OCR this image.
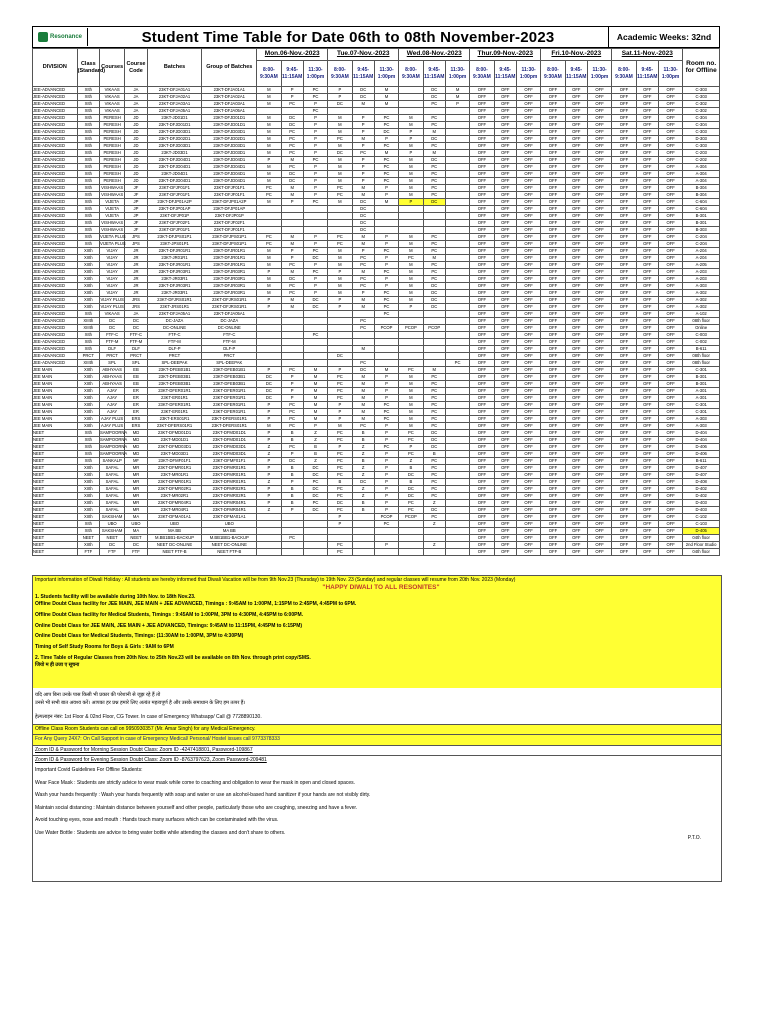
Resonance	Student Time Table for Date 06th to 08th November-2023	Academic Weeks: 32nd
DIVISION	Class (Standard)	Courses	Course Code	Batches	Group of Batches	Mon.06-Nov.-2023			Tue.07-Nov.-2023			Wed.08-Nov.-2023			Thur.09-Nov.-2023			Fri.10-Nov.-2023			Sat.11-Nov.-2023			Room no. for Offline
						8:00-9:30AM	9:45-11:15AM	11:30-1:00pm	8:00-9:30AM	9:45-11:15AM	11:30-1:00pm	8:00-9:30AM	9:45-11:15AM	11:30-1:00pm	8:00-9:30AM	9:45-11:15AM	11:30-1:00pm	8:00-9:30AM	9:45-11:15AM	11:30-1:00pm	8:00-9:30AM	9:45-11:15AM	11:30-1:00pm	
JEE-ADVANCED	XIth	VIKAAS	JA	23KT-DFJA01A1	23KT-DFJA01A1	M	P	PC	P	DC	M		DC	M	OFF	OFF	OFF	OFF	OFF	OFF	OFF	OFF	OFF	C-303
JEE-ADVANCED	XIth	VIKAAS	JA	23KT-DFJA02A1	23KT-DFJA02A1	M	P	PC	P	DC	M		DC	M	OFF	OFF	OFF	OFF	OFF	OFF	OFF	OFF	OFF	C-303
JEE-ADVANCED	XIth	VIKAAS	JA	23KT-DFJA03A1	23KT-DFJA03A1	M	PC	P	DC	M	M		PC	P	OFF	OFF	OFF	OFF	OFF	OFF	OFF	OFF	OFF	C-302
JEE-ADVANCED	XIth	VIKAAS	JA	23KT-DFJA05A1	23KT-DFJA05A1			PC							OFF	OFF	OFF	OFF	OFF	OFF	OFF	OFF	OFF	C-302
JEE-ADVANCED	XIth	PERESH	JD	23KT-JD01D1	23KT-DFJD01D1	M	DC	P	M	P	PC	M	PC		OFF	OFF	OFF	OFF	OFF	OFF	OFF	OFF	OFF	C-304
JEE-ADVANCED	XIth	PERESH	JD	23KT-DFJD01D1	23KT-DFJD01D1	M	DC	P	M	P	PC	M	PC		OFF	OFF	OFF	OFF	OFF	OFF	OFF	OFF	OFF	C-304
JEE-ADVANCED	XIth	PERESH	JD	23KT-DFJD03D1	23KT-DFJD03D1	M	PC	P	M	P	DC	P	M		OFF	OFF	OFF	OFF	OFF	OFF	OFF	OFF	OFF	C-303
JEE-ADVANCED	XIth	PERESH	JD	23KT-DFJD02D1	23KT-DFJD02D1	M	PC	P	PC	M	P	P	DC		OFF	OFF	OFF	OFF	OFF	OFF	OFF	OFF	OFF	D-303
JEE-ADVANCED	XIth	PERESH	JD	23KT-DFJD03D1	23KT-DFJD03D1	M	PC	P	M	P	PC	M	PC		OFF	OFF	OFF	OFF	OFF	OFF	OFF	OFF	OFF	C-303
JEE-ADVANCED	XIth	PERESH	JD	23KT-JD03D1	23KT-DFJD03D1	M	PC	P	DC	PC	M	P	M		OFF	OFF	OFF	OFF	OFF	OFF	OFF	OFF	OFF	C-203
JEE-ADVANCED	XIth	PERESH	JD	23KT-DFJD04D1	23KT-DFJD04D1	P	M	PC	M	P	PC	M	DC		OFF	OFF	OFF	OFF	OFF	OFF	OFF	OFF	OFF	C-202
JEE-ADVANCED	XIth	PERESH	JD	23KT-DFJD04D1	23KT-DFJD04D1	M	PC	P	M	P	PC	M	PC		OFF	OFF	OFF	OFF	OFF	OFF	OFF	OFF	OFF	A-304
JEE-ADVANCED	XIth	PERESH	JD	23KT-JD04D1	23KT-DFJD04D1	M	DC	P	M	P	PC	M	PC		OFF	OFF	OFF	OFF	OFF	OFF	OFF	OFF	OFF	A-304
JEE-ADVANCED	XIth	PERESH	JD	23KT-DFJD04D1	23KT-DFJD04D1	M	DC	P	M	P	PC	M	PC		OFF	OFF	OFF	OFF	OFF	OFF	OFF	OFF	OFF	A-304
JEE-ADVANCED	XIth	VISHWAAS	JF	23KT-DFJF01F1	23KT-DFJF01F1	PC	M	P	PC	M	P	M	PC		OFF	OFF	OFF	OFF	OFF	OFF	OFF	OFF	OFF	B-304
JEE-ADVANCED	XIth	VISHWAAS	JF	23KT-DFJF01F1	23KT-DFJF01F1	PC	M	P	PC	M	P	M	PC		OFF	OFF	OFF	OFF	OFF	OFF	OFF	OFF	OFF	B-304
JEE-ADVANCED	XIth	VIJETA	JP	23KT-DFJP01A2P	23KT-DFJP01A2P	M	P	PC	M	DC	M	P	DC		OFF	OFF	OFF	OFF	OFF	OFF	OFF	OFF	OFF	C-604
JEE-ADVANCED	XIth	VIJETA	JP	23KT-DFJP01AP	23KT-DFJP01AP					DC					OFF	OFF	OFF	OFF	OFF	OFF	OFF	OFF	OFF	C-604
JEE-ADVANCED	XIth	VIJETA	JP	23KT-DFJP01P	23KT-DFJP01P					DC					OFF	OFF	OFF	OFF	OFF	OFF	OFF	OFF	OFF	B-301
JEE-ADVANCED	XIth	VISHWAAS	JF	23KT-DFJF02F1	23KT-DFJF02F1					DC					OFF	OFF	OFF	OFF	OFF	OFF	OFF	OFF	OFF	B-301
JEE-ADVANCED	XIth	VISHWAAS	JF	23KT-DFJF01F1	23KT-DFJF01F1					DC					OFF	OFF	OFF	OFF	OFF	OFF	OFF	OFF	OFF	B-303
JEE-ADVANCED	XIth	VIJETA PLUS	JPS	23KT-DFJPS01P1	23KT-DFJPS01P1	PC	M	P	PC	M	P	M	PC		OFF	OFF	OFF	OFF	OFF	OFF	OFF	OFF	OFF	C-204
JEE-ADVANCED	XIth	VIJETA PLUS	JPS	23KT-JPS01P1	23KT-DFJPS01P1	PC	M	P	PC	M	P	M	PC		OFF	OFF	OFF	OFF	OFF	OFF	OFF	OFF	OFF	C-204
JEE-ADVANCED	XIIth	VIJAY	JR	23KT-DFJR01R1	23KT-DFJR01R1	M	P	PC	M	P	PC	M	PC		OFF	OFF	OFF	OFF	OFF	OFF	OFF	OFF	OFF	A-204
JEE-ADVANCED	XIIth	VIJAY	JR	23KT-JR01R1	23KT-DFJR01R1	M	P	DC	M	PC	P	PC	M		OFF	OFF	OFF	OFF	OFF	OFF	OFF	OFF	OFF	A-204
JEE-ADVANCED	XIIth	VIJAY	JR	23KT-DFJR01R1	23KT-DFJR01R1	M	PC	P	M	PC	P	M	PC		OFF	OFF	OFF	OFF	OFF	OFF	OFF	OFF	OFF	A-205
JEE-ADVANCED	XIIth	VIJAY	JR	23KT-DFJR03R1	23KT-DFJR03R1	P	M	PC	P	M	PC	M	PC		OFF	OFF	OFF	OFF	OFF	OFF	OFF	OFF	OFF	A-203
JEE-ADVANCED	XIIth	VIJAY	JR	23KT-JR03R1	23KT-DFJR03R1	M	DC	P	M	PC	P	M	PC		OFF	OFF	OFF	OFF	OFF	OFF	OFF	OFF	OFF	A-203
JEE-ADVANCED	XIIth	VIJAY	JR	23KT-DFJR03R1	23KT-DFJR03R1	M	PC	P	M	PC	P	M	DC		OFF	OFF	OFF	OFF	OFF	OFF	OFF	OFF	OFF	A-303
JEE-ADVANCED	XIIth	VIJAY	JR	23KT-JR03R1	23KT-DFJR03R1	M	PC	P	M	P	PC	M	DC		OFF	OFF	OFF	OFF	OFF	OFF	OFF	OFF	OFF	A-302
JEE-ADVANCED	XIIth	VIJAY PLUS	JRS	23KT-DFJRS01R1	23KT-DFJRS01R1	P	M	DC	P	M	PC	M	DC		OFF	OFF	OFF	OFF	OFF	OFF	OFF	OFF	OFF	A-302
JEE-ADVANCED	XIIth	VIJAY PLUS	JRS	23KT-JRS01R1	23KT-DFJRS01R1	P	M	DC	P	M	PC	P	DC		OFF	OFF	OFF	OFF	OFF	OFF	OFF	OFF	OFF	A-302
JEE-ADVANCED	XIth	VIKAAS	JA	23KT-DFJA05A1	23KT-DFJA05A1						PC				OFF	OFF	OFF	OFF	OFF	OFF	OFF	OFF	OFF	A-102
JEE-ADVANCED	XIIIth	DC	DC	DC-JAZA	DC-JAZA					PC					OFF	OFF	OFF	OFF	OFF	OFF	OFF	OFF	OFF	08th floor
JEE-ADVANCED	XIIIth	DC	DC	DC-ONLINE	DC-ONLINE					PC	PCOP	PCOP	PCOP		OFF	OFF	OFF	OFF	OFF	OFF	OFF	OFF	OFF	Online
JEE-ADVANCED	XIth	FTF-C	FTF-C	FTF-C	FTF-C			PC							OFF	OFF	OFF	OFF	OFF	OFF	OFF	OFF	OFF	C-003
JEE-ADVANCED	XIth	FTF-M	FTF-M	FTF-M	FTF-M										OFF	OFF	OFF	OFF	OFF	OFF	OFF	OFF	OFF	C-002
JEE-ADVANCED	XIth	DLF	DLF	DLF-P	DLF-P					M					OFF	OFF	OFF	OFF	OFF	OFF	OFF	OFF	OFF	B-611
JEE-ADVANCED	PRCT	PRCT	PRCT	PRCT	PRCT				DC						OFF	OFF	OFF	OFF	OFF	OFF	OFF	OFF	OFF	08th floor
JEE-ADVANCED	XIIIth	SPL	SPL	SPL-DEEPAK	SPL-DEEPAK					PC				PC	OFF	OFF	OFF	OFF	OFF	OFF	OFF	OFF	OFF	08th floor
JEE MAIN	XIIth	ABHYAAS	EB	23KT-DFEB01B1	23KT-DFEB01B1	P	PC	M	P	DC	M	PC	M		OFF	OFF	OFF	OFF	OFF	OFF	OFF	OFF	OFF	C-301
JEE MAIN	XIIth	ABHYAAS	EB	23KT-DFEB03B1	23KT-DFEB03B1	DC	P	M	PC	M	P	M	PC		OFF	OFF	OFF	OFF	OFF	OFF	OFF	OFF	OFF	B-301
JEE MAIN	XIIth	ABHYAAS	EB	23KT-DFEB03B1	23KT-DFEB03B1	DC	P	M	PC	M	P	M	PC		OFF	OFF	OFF	OFF	OFF	OFF	OFF	OFF	OFF	B-301
JEE MAIN	XIIth	AJAY	ER	23KT-DFER01R1	23KT-DFER01R1	DC	P	M	PC	M	P	M	PC		OFF	OFF	OFF	OFF	OFF	OFF	OFF	OFF	OFF	A-301
JEE MAIN	XIIth	AJAY	ER	23KT-ER01R1	23KT-DFER01R1	DC	P	M	PC	M	P	M	PC		OFF	OFF	OFF	OFF	OFF	OFF	OFF	OFF	OFF	A-301
JEE MAIN	XIIth	AJAY	ER	23KT-DFER01R1	23KT-DFER01R1	P	PC	M	P	M	PC	M	PC		OFF	OFF	OFF	OFF	OFF	OFF	OFF	OFF	OFF	C-301
JEE MAIN	XIIth	AJAY	ER	23KT-ER01R1	23KT-DFER01R1	P	PC	M	P	M	PC	M	PC		OFF	OFF	OFF	OFF	OFF	OFF	OFF	OFF	OFF	C-301
JEE MAIN	XIIth	AJAY PLUS	ERS	23KT-ERS01R1	23KT-DFERS01R1	P	PC	M	P	M	PC	M	PC		OFF	OFF	OFF	OFF	OFF	OFF	OFF	OFF	OFF	A-303
JEE MAIN	XIIth	AJAY PLUS	ERS	23KT-DFERS01R1	23KT-DFERS01R1	M	PC	P	M	PC	P	M	PC		OFF	OFF	OFF	OFF	OFF	OFF	OFF	OFF	OFF	A-303
NEET	XIth	SAMPOORNA	MD	23KT-DFMD01D1	23KT-DFMD01D1	P	B	Z	PC	B	P	PC	DC		OFF	OFF	OFF	OFF	OFF	OFF	OFF	OFF	OFF	D-404
NEET	XIth	SAMPOORNA	MD	23KT-MD01D1	23KT-DFMD01D1	P	B	Z	PC	B	P	PC	DC		OFF	OFF	OFF	OFF	OFF	OFF	OFF	OFF	OFF	D-404
NEET	XIth	SAMPOORNA	MD	23KT-DFMD03D1	23KT-DFMD03D1	Z	PC	B	P	Z	PC	P	DC		OFF	OFF	OFF	OFF	OFF	OFF	OFF	OFF	OFF	D-406
NEET	XIth	SAMPOORNA	MD	23KT-MD03D1	23KT-DFMD03D1	Z	P	B	PC	Z	P	PC	B		OFF	OFF	OFF	OFF	OFF	OFF	OFF	OFF	OFF	D-406
NEET	XIth	SANKALP	MF	23KT-DFMF01F1	23KT-DFMF01F1	P	DC	Z	PC	B	P	Z	PC		OFF	OFF	OFF	OFF	OFF	OFF	OFF	OFF	OFF	B-611
NEET	XIIth	SAFAL	MR	23KT-DFMR01R1	23KT-DFMR01R1	P	B	DC	PC	Z	P	B	PC		OFF	OFF	OFF	OFF	OFF	OFF	OFF	OFF	OFF	D-407
NEET	XIIth	SAFAL	MR	23KT-MR01R1	23KT-DFMR01R1	P	B	DC	PC	Z	P	DC	PC		OFF	OFF	OFF	OFF	OFF	OFF	OFF	OFF	OFF	D-407
NEET	XIIth	SAFAL	MR	23KT-DFMR01R1	23KT-DFMR01R1	Z	P	PC	B	DC	P	B	PC		OFF	OFF	OFF	OFF	OFF	OFF	OFF	OFF	OFF	D-408
NEET	XIIth	SAFAL	MR	23KT-DFMR02R1	23KT-DFMR02R1	P	B	DC	PC	Z	P	DC	PC		OFF	OFF	OFF	OFF	OFF	OFF	OFF	OFF	OFF	D-402
NEET	XIIth	SAFAL	MR	23KT-MR02R1	23KT-DFMR02R1	P	B	DC	PC	Z	P	DC	PC		OFF	OFF	OFF	OFF	OFF	OFF	OFF	OFF	OFF	D-402
NEET	XIIth	SAFAL	MR	23KT-DFMR04R1	23KT-DFMR04R1	P	B	PC	DC	B	P	PC	Z		OFF	OFF	OFF	OFF	OFF	OFF	OFF	OFF	OFF	D-403
NEET	XIIth	SAFAL	MR	23KT-MR04R1	23KT-DFMR04R1	Z	P	DC	PC	B	P	PC	DC		OFF	OFF	OFF	OFF	OFF	OFF	OFF	OFF	OFF	D-403
NEET	XIIth	SAKSHAM	MA	23KT-DFMA01A1	23KT-DFMA01A1				P		PCOP	PCOP	PC		OFF	OFF	OFF	OFF	OFF	OFF	OFF	OFF	OFF	C-102
NEET	XIth	UBO	UBO	UBO	UBO				P		PC		Z		OFF	OFF	OFF	OFF	OFF	OFF	OFF	OFF	OFF	C-103
NEET	XIth	SAKSHAM	MA	MA BB	MA BB										OFF	OFF	OFF	OFF	OFF	OFF	OFF	OFF	OFF	D-405
NEET	NEET	NEET	NEET	M.BB1BB1-BACKUP	M.BB1BB1-BACKUP		PC								OFF	OFF	OFF	OFF	OFF	OFF	OFF	OFF	OFF	04th floor
NEET	XIIth	DC	DC	NEET DC-ONLINE	NEET DC-ONLINE				PC		P		Z		OFF	OFF	OFF	OFF	OFF	OFF	OFF	OFF	OFF	2nd Floor Studio
NEET	FTF	FTF	FTF	NEET FTF-B	NEET FTF-B				PC						OFF	OFF	OFF	OFF	OFF	OFF	OFF	OFF	OFF	04th floor

Important information of Diwali Holiday : All students are hereby informed that Diwali Vacation will be from 9th Nov.23 (Thursday) to 19th Nov. 23 (Sunday) and regular classes will resume from 20th Nov. 2023 (Monday)

"HAPPY DIWALI TO ALL RESONITES"

1. Students facility will be available during 10th Nov. to 18th Nov.23.
Offline Doubt Class facility for JEE MAIN, JEE MAIN + JEE ADVANCED, Timings : 9:45AM to 1:00PM, 1:15PM to 2:45PM, 4:45PM to 6PM.

Offline Doubt Class facility for Medical Students, Timings : 9:45AM to 1:00PM, 3PM to 4:30PM, 4:45PM to 6:00PM.

Online Doubt Class for JEE MAIN, JEE MAIN + JEE ADVANCED, Timings: 9:45AM to 11:15PM, 4:45PM to 6:15PM)

Online Doubt Class for Medical Students, Timings: (11:30AM to 1:00PM, 3PM to 4:30PM)

Timing of Self Study Rooms for Boys & Girls : 9AM to 6PM

2. Time Table of Regular Classes from 20th Nov. to 25th Nov.23 will be available on 8th Nov. through print copy/SMS.
जियो म ही उजा ए सूचना

यदि आप बिना उनके पास किसी भी प्रकार की परेशानी से जूझ रहे हैं तो
उनसे भी सभी बात अवश्य करें। आपका हर प्रश्न हमारे लिए अत्यंत महत्वपूर्ण है और उसके समाधान के लिए हम तत्पर हैं।
हेल्पलाइन नंबर: 1st Floor & 02nd Floor, CG Tower. In case of Emergency Whatsapp/ Call @ 7728890130.
Offline Class Room Students can call on 9950930357 (Mr. Amar Singh) for any Medical Emergency.
For Any Query 24X7: On Call Support in case of Emergency Medical/ Personal/ Hostel issues call 9773378333
Zoom ID & Password for Morning Session Doubt Class: Zoom ID -4247418801, Password-109867
Zoom ID & Password for Evening Session Doubt Class: Zoom ID -8763797623, Zoom Password-209481

Important Covid Guidelines For Offline Students:

Wear Face Mask : Students are strictly advice to wear mask while come to coaching and obligation to wear the mask in open and closed spaces.

Wash your hands frequently : Wash your hands frequently with soap and water or use an alcohol-based hand sanitizer if your hands are not visibly dirty.

Maintain social distancing : Maintain distance between yourself and other people, particularly those who are coughing, sneezing and have a fever.

Avoid touching eyes, nose and mouth : Hands touch many surfaces which can be contaminated with the virus.

Use Water Bottle : Students are advice to bring water bottle while attending the classes and don't share to others.

P.T.O.
